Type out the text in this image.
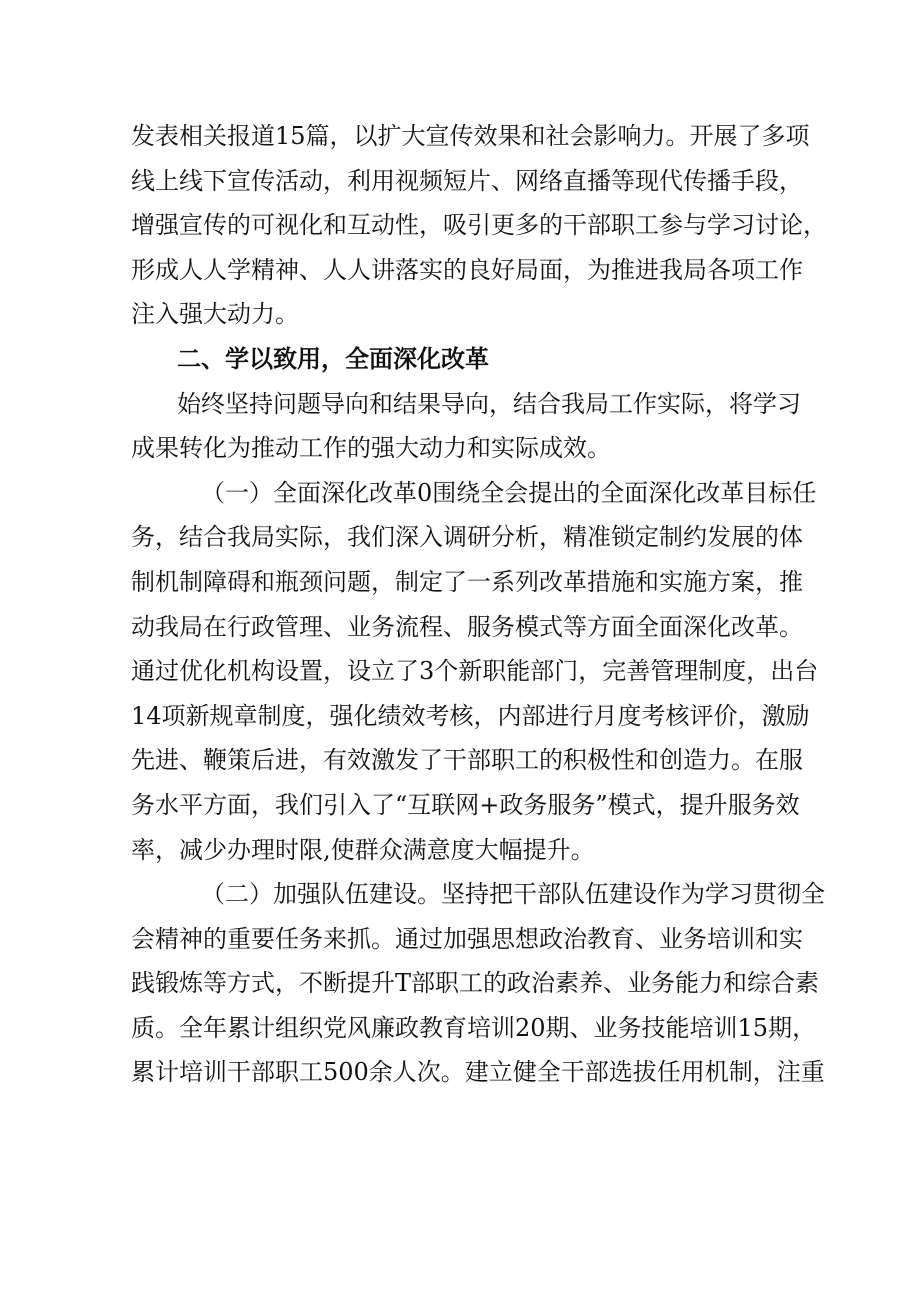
发表相关报道15篇，以扩大宣传效果和社会影响力。开展了多项
线上线下宣传活动，利用视频短片、网络直播等现代传播手段，
增强宣传的可视化和互动性，吸引更多的干部职工参与学习讨论，
形成人人学精神、人人讲落实的良好局面，为推进我局各项工作
注入强大动力。
二、学以致用，全面深化改革
始终坚持问题导向和结果导向，结合我局工作实际，将学习
成果转化为推动工作的强大动力和实际成效。
（一）全面深化改革0围绕全会提出的全面深化改革目标任
务，结合我局实际，我们深入调研分析，精准锁定制约发展的体
制机制障碍和瓶颈问题，制定了一系列改革措施和实施方案，推
动我局在行政管理、业务流程、服务模式等方面全面深化改革。
通过优化机构设置，设立了3个新职能部门，完善管理制度，出台
14项新规章制度，强化绩效考核，内部进行月度考核评价，激励
先进、鞭策后进，有效激发了干部职工的积极性和创造力。在服
务水平方面，我们引入了“互联网+政务服务”模式，提升服务效
率，减少办理时限,使群众满意度大幅提升。
（二）加强队伍建设。坚持把干部队伍建设作为学习贯彻全
会精神的重要任务来抓。通过加强思想政治教育、业务培训和实
践锻炼等方式，不断提升T部职工的政治素养、业务能力和综合素
质。全年累计组织党风廉政教育培训20期、业务技能培训15期，
累计培训干部职工500余人次。建立健全干部选拔任用机制，注重
